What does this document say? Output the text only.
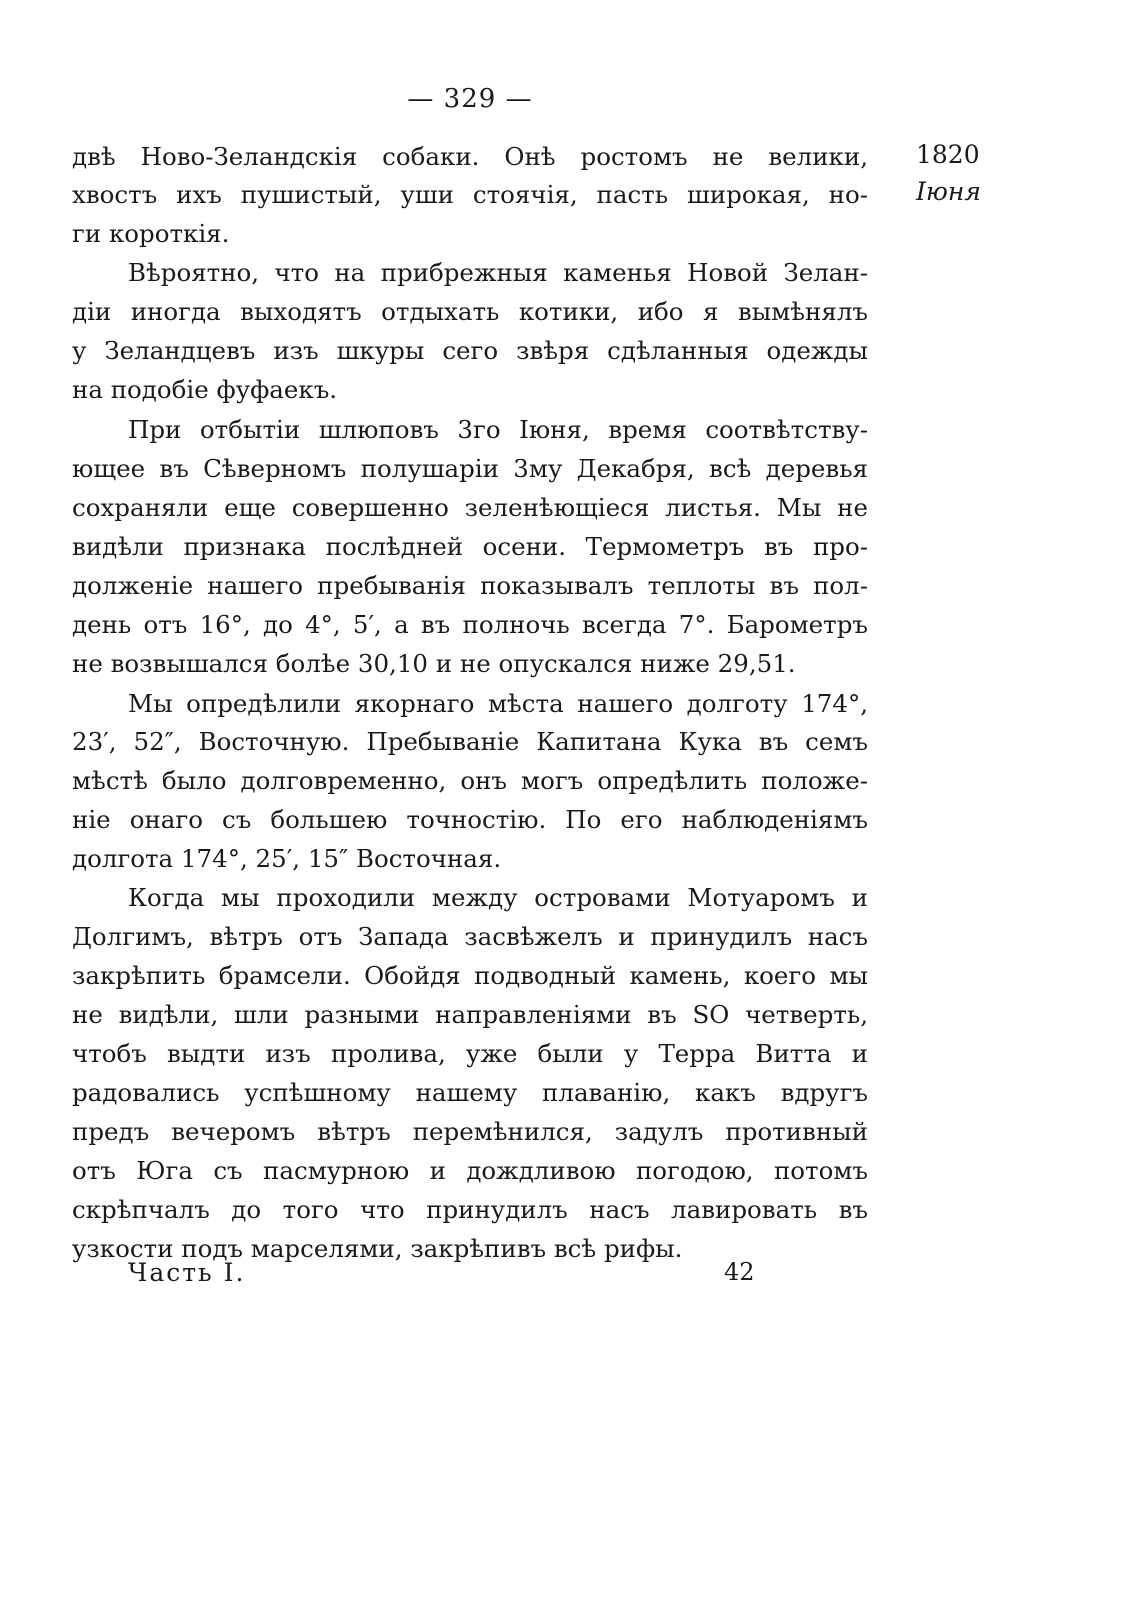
— 329 —
1820
Іюня
двѣ Ново-Зеландскія собаки. Онѣ ростомъ не велики,
хвостъ ихъ пушистый, уши стоячія, пасть широкая, но-
ги короткія.
Вѣроятно, что на прибрежныя каменья Новой Зелан-
діи иногда выходятъ отдыхать котики, ибо я вымѣнялъ
у Зеландцевъ изъ шкуры сего звѣря сдѣланныя одежды
на подобіе фуфаекъ.
При отбытіи шлюповъ 3го Іюня, время соотвѣтству-
ющее въ Сѣверномъ полушаріи 3му Декабря, всѣ деревья
сохраняли еще совершенно зеленѣющіеся листья. Мы не
видѣли признака послѣдней осени. Термометръ въ про-
долженіе нашего пребыванія показывалъ теплоты въ пол-
день отъ 16°, до 4°, 5′, а въ полночь всегда 7°. Барометръ
не возвышался болѣе 30,10 и не опускался ниже 29,51.
Мы опредѣлили якорнаго мѣста нашего долготу 174°,
23′, 52″, Восточную. Пребываніе Капитана Кука въ семъ
мѣстѣ было долговременно, онъ могъ опредѣлить положе-
ніе онаго съ большею точностію. По его наблюденіямъ
долгота 174°, 25′, 15″ Восточная.
Когда мы проходили между островами Мотуаромъ и
Долгимъ, вѣтръ отъ Запада засвѣжелъ и принудилъ насъ
закрѣпить брамсели. Обойдя подводный камень, коего мы
не видѣли, шли разными направленіями въ SO четверть,
чтобъ выдти изъ пролива, уже были у Терра Витта и
радовались успѣшному нашему плаванію, какъ вдругъ
предъ вечеромъ вѣтръ перемѣнился, задулъ противный
отъ Юга съ пасмурною и дождливою погодою, потомъ
скрѣпчалъ до того что принудилъ насъ лавировать въ
узкости подъ марселями, закрѣпивъ всѣ рифы.
Часть I.	42
